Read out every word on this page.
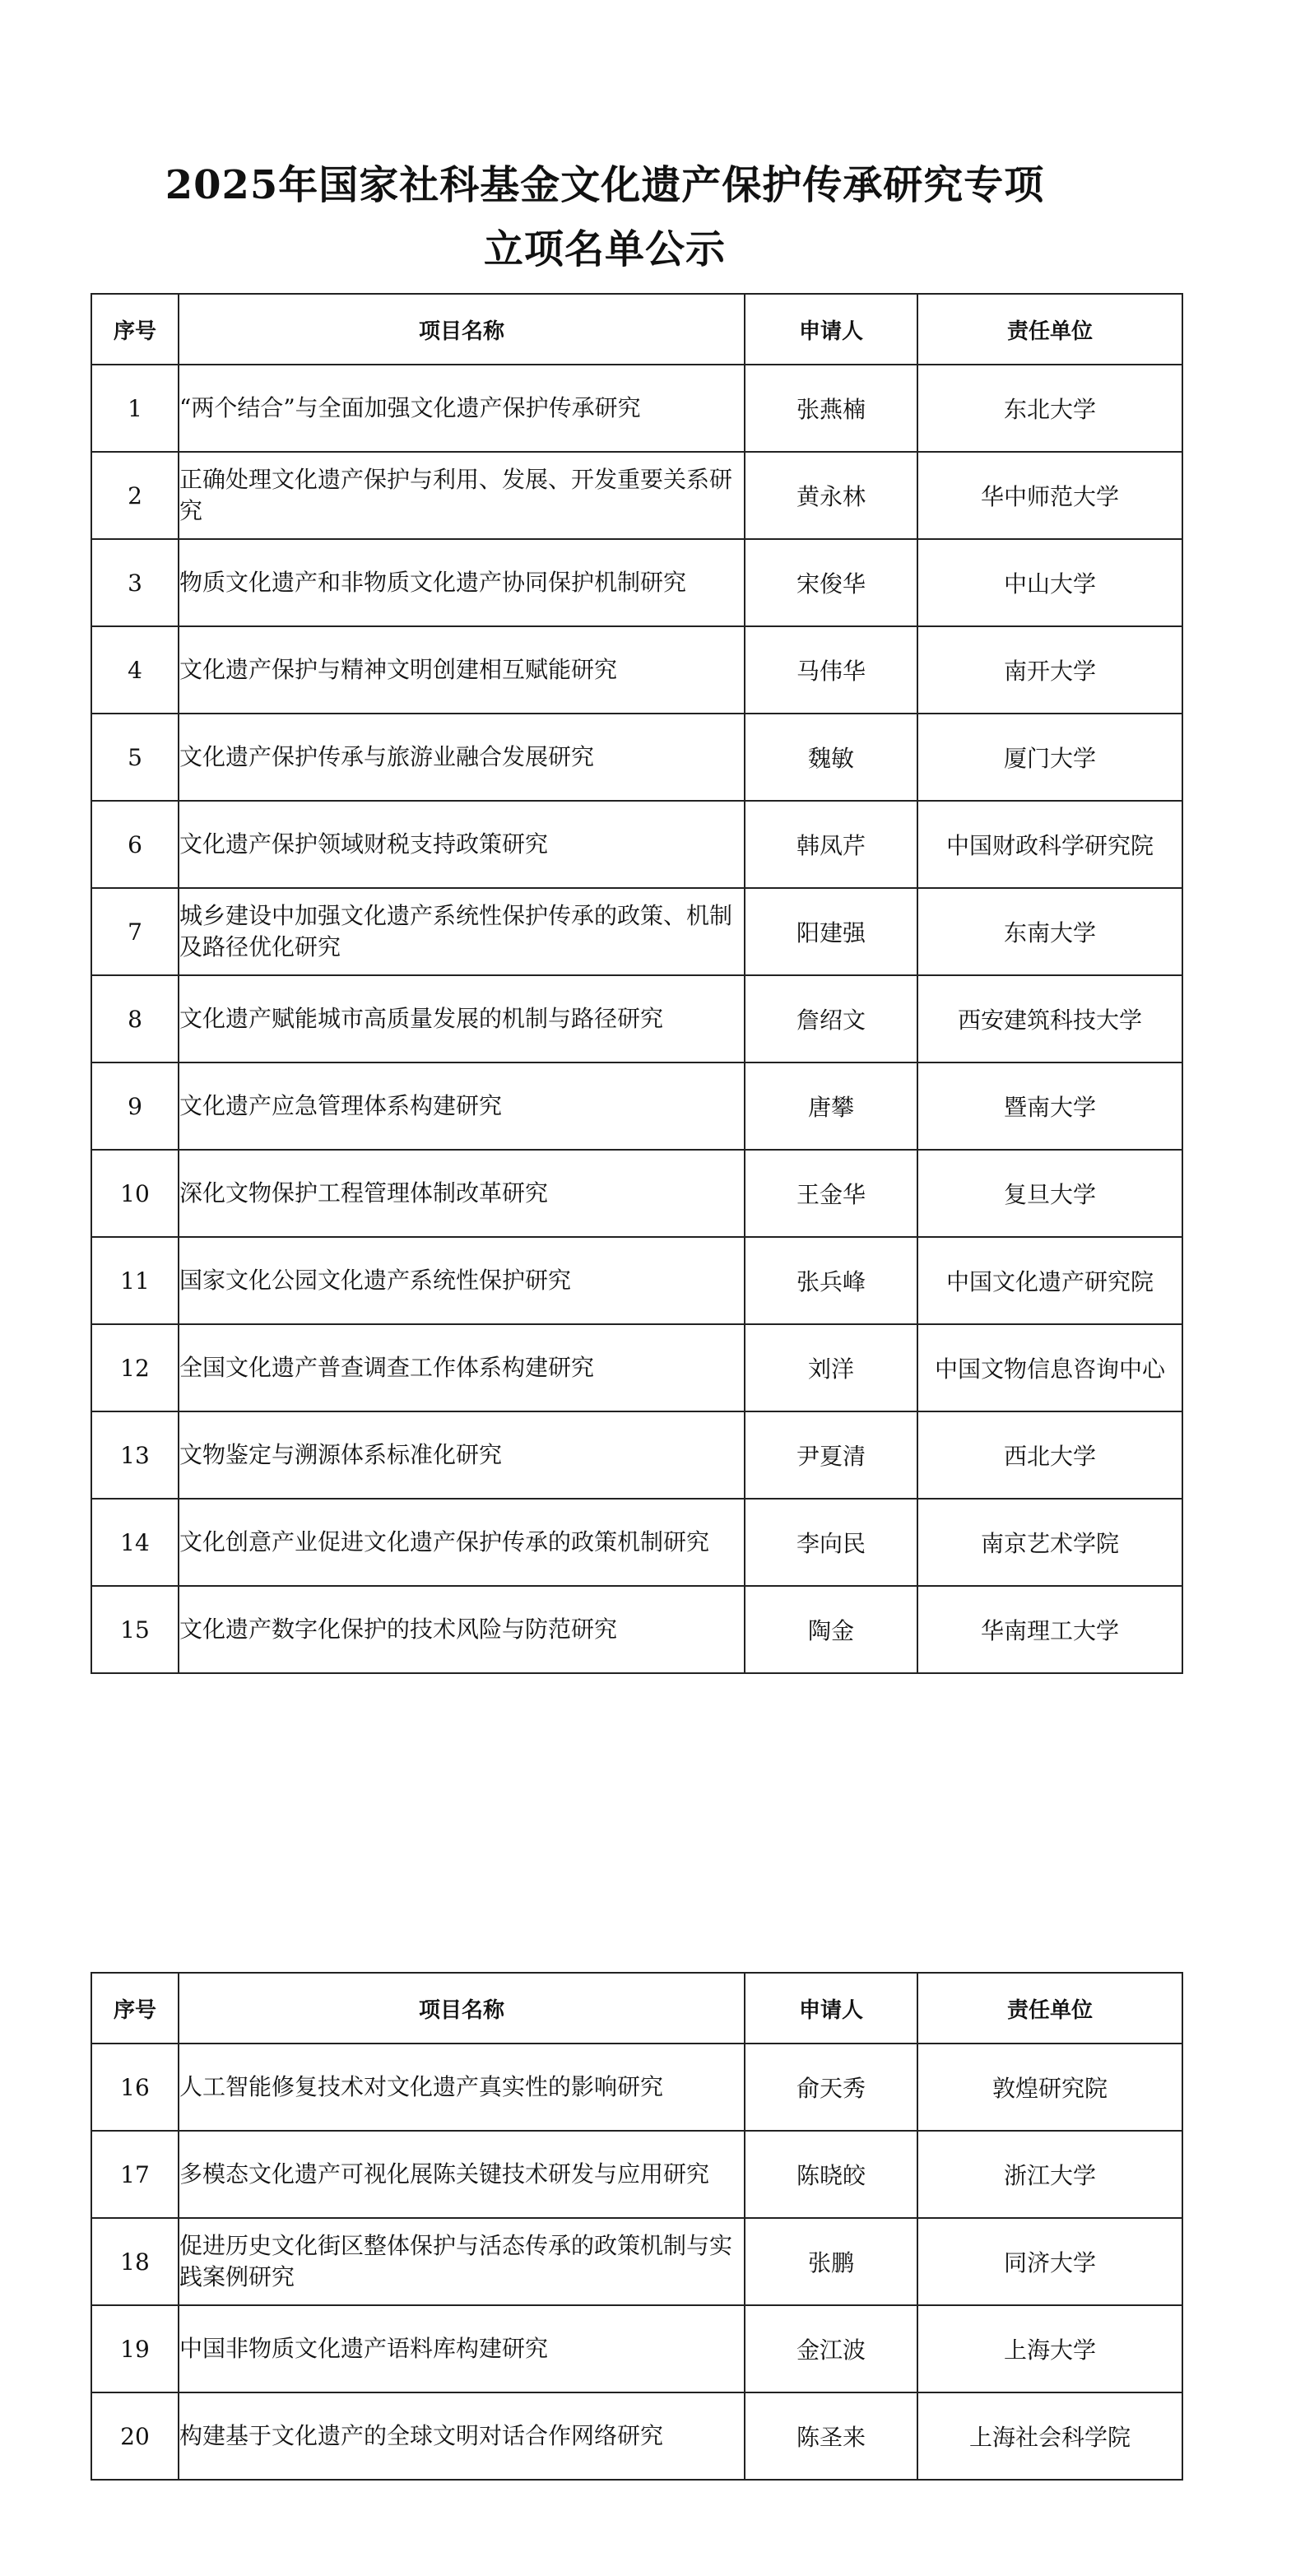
2025年国家社科基金文化遗产保护传承研究专项
立项名单公示
序号	项目名称	申请人	责任单位
1	“两个结合”与全面加强文化遗产保护传承研究	张燕楠	东北大学
2	正确处理文化遗产保护与利用、发展、开发重要关系研究	黄永林	华中师范大学
3	物质文化遗产和非物质文化遗产协同保护机制研究	宋俊华	中山大学
4	文化遗产保护与精神文明创建相互赋能研究	马伟华	南开大学
5	文化遗产保护传承与旅游业融合发展研究	魏敏	厦门大学
6	文化遗产保护领域财税支持政策研究	韩凤芹	中国财政科学研究院
7	城乡建设中加强文化遗产系统性保护传承的政策、机制及路径优化研究	阳建强	东南大学
8	文化遗产赋能城市高质量发展的机制与路径研究	詹绍文	西安建筑科技大学
9	文化遗产应急管理体系构建研究	唐攀	暨南大学
10	深化文物保护工程管理体制改革研究	王金华	复旦大学
11	国家文化公园文化遗产系统性保护研究	张兵峰	中国文化遗产研究院
12	全国文化遗产普查调查工作体系构建研究	刘洋	中国文物信息咨询中心
13	文物鉴定与溯源体系标准化研究	尹夏清	西北大学
14	文化创意产业促进文化遗产保护传承的政策机制研究	李向民	南京艺术学院
15	文化遗产数字化保护的技术风险与防范研究	陶金	华南理工大学
序号	项目名称	申请人	责任单位
16	人工智能修复技术对文化遗产真实性的影响研究	俞天秀	敦煌研究院
17	多模态文化遗产可视化展陈关键技术研发与应用研究	陈晓皎	浙江大学
18	促进历史文化街区整体保护与活态传承的政策机制与实践案例研究	张鹏	同济大学
19	中国非物质文化遗产语料库构建研究	金江波	上海大学
20	构建基于文化遗产的全球文明对话合作网络研究	陈圣来	上海社会科学院
